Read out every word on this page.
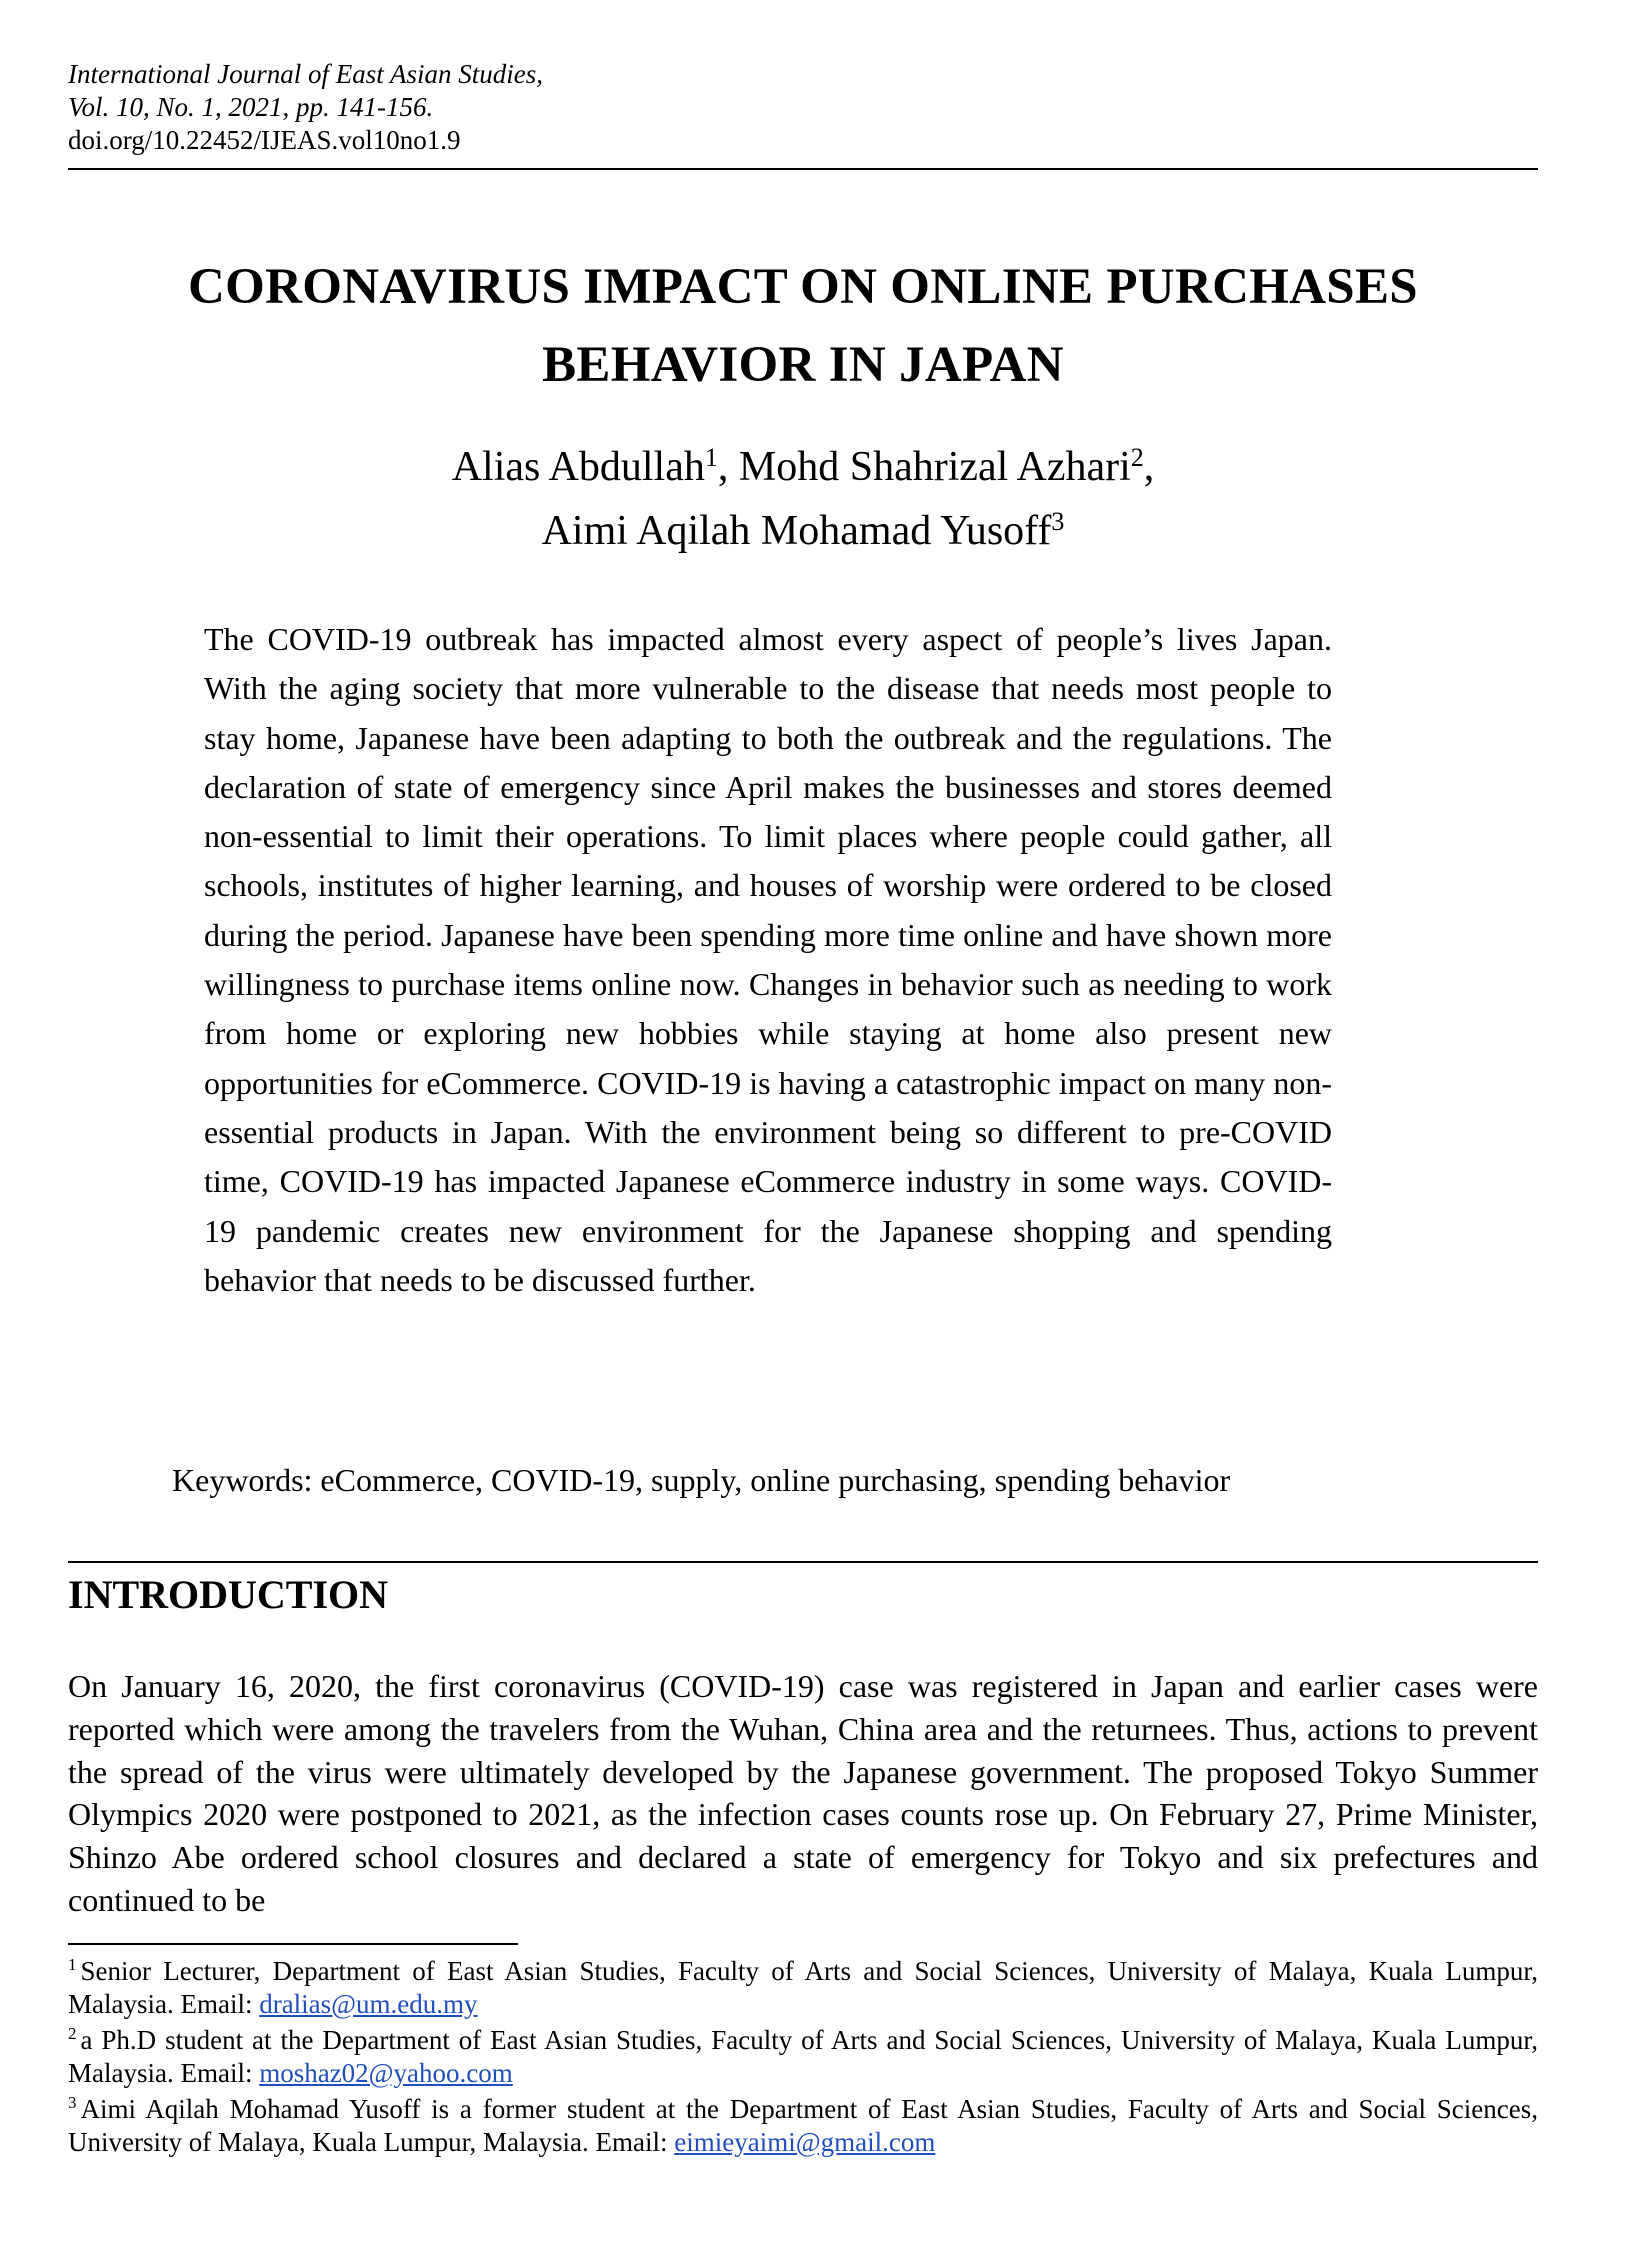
International Journal of East Asian Studies,
Vol. 10, No. 1, 2021, pp. 141-156.
doi.org/10.22452/IJEAS.vol10no1.9
CORONAVIRUS IMPACT ON ONLINE PURCHASES
BEHAVIOR IN JAPAN
Alias Abdullah$^1$, Mohd Shahrizal Azhari$^2$,
Aimi Aqilah Mohamad Yusoff$^3$
The COVID-19 outbreak has impacted almost every aspect of people’s lives Japan. With the aging society that more vulnerable to the disease that needs most people to stay home, Japanese have been adapting to both the outbreak and the regulations. The declaration of state of emergency since April makes the businesses and stores deemed non-essential to limit their operations. To limit places where people could gather, all schools, institutes of higher learning, and houses of worship were ordered to be closed during the period. Japanese have been spending more time online and have shown more willingness to purchase items online now. Changes in behavior such as needing to work from home or exploring new hobbies while staying at home also present new opportunities for eCommerce. COVID-19 is having a catastrophic impact on many non-essential products in Japan. With the environment being so different to pre-COVID time, COVID-19 has impacted Japanese eCommerce industry in some ways. COVID-19 pandemic creates new environment for the Japanese shopping and spending behavior that needs to be discussed further.
Keywords: eCommerce, COVID-19, supply, online purchasing, spending behavior
INTRODUCTION
On January 16, 2020, the first coronavirus (COVID-19) case was registered in Japan and earlier cases were reported which were among the travelers from the Wuhan, China area and the returnees. Thus, actions to prevent the spread of the virus were ultimately developed by the Japanese government. The proposed Tokyo Summer Olympics 2020 were postponed to 2021, as the infection cases counts rose up. On February 27, Prime Minister, Shinzo Abe ordered school closures and declared a state of emergency for Tokyo and six prefectures and continued to be
$^1$ Senior Lecturer, Department of East Asian Studies, Faculty of Arts and Social Sciences, University of Malaya, Kuala Lumpur, Malaysia. Email: dralias@um.edu.my
$^2$ a Ph.D student at the Department of East Asian Studies, Faculty of Arts and Social Sciences, University of Malaya, Kuala Lumpur, Malaysia. Email: moshaz02@yahoo.com
$^3$ Aimi Aqilah Mohamad Yusoff is a former student at the Department of East Asian Studies, Faculty of Arts and Social Sciences, University of Malaya, Kuala Lumpur, Malaysia. Email: eimieyaimi@gmail.com
